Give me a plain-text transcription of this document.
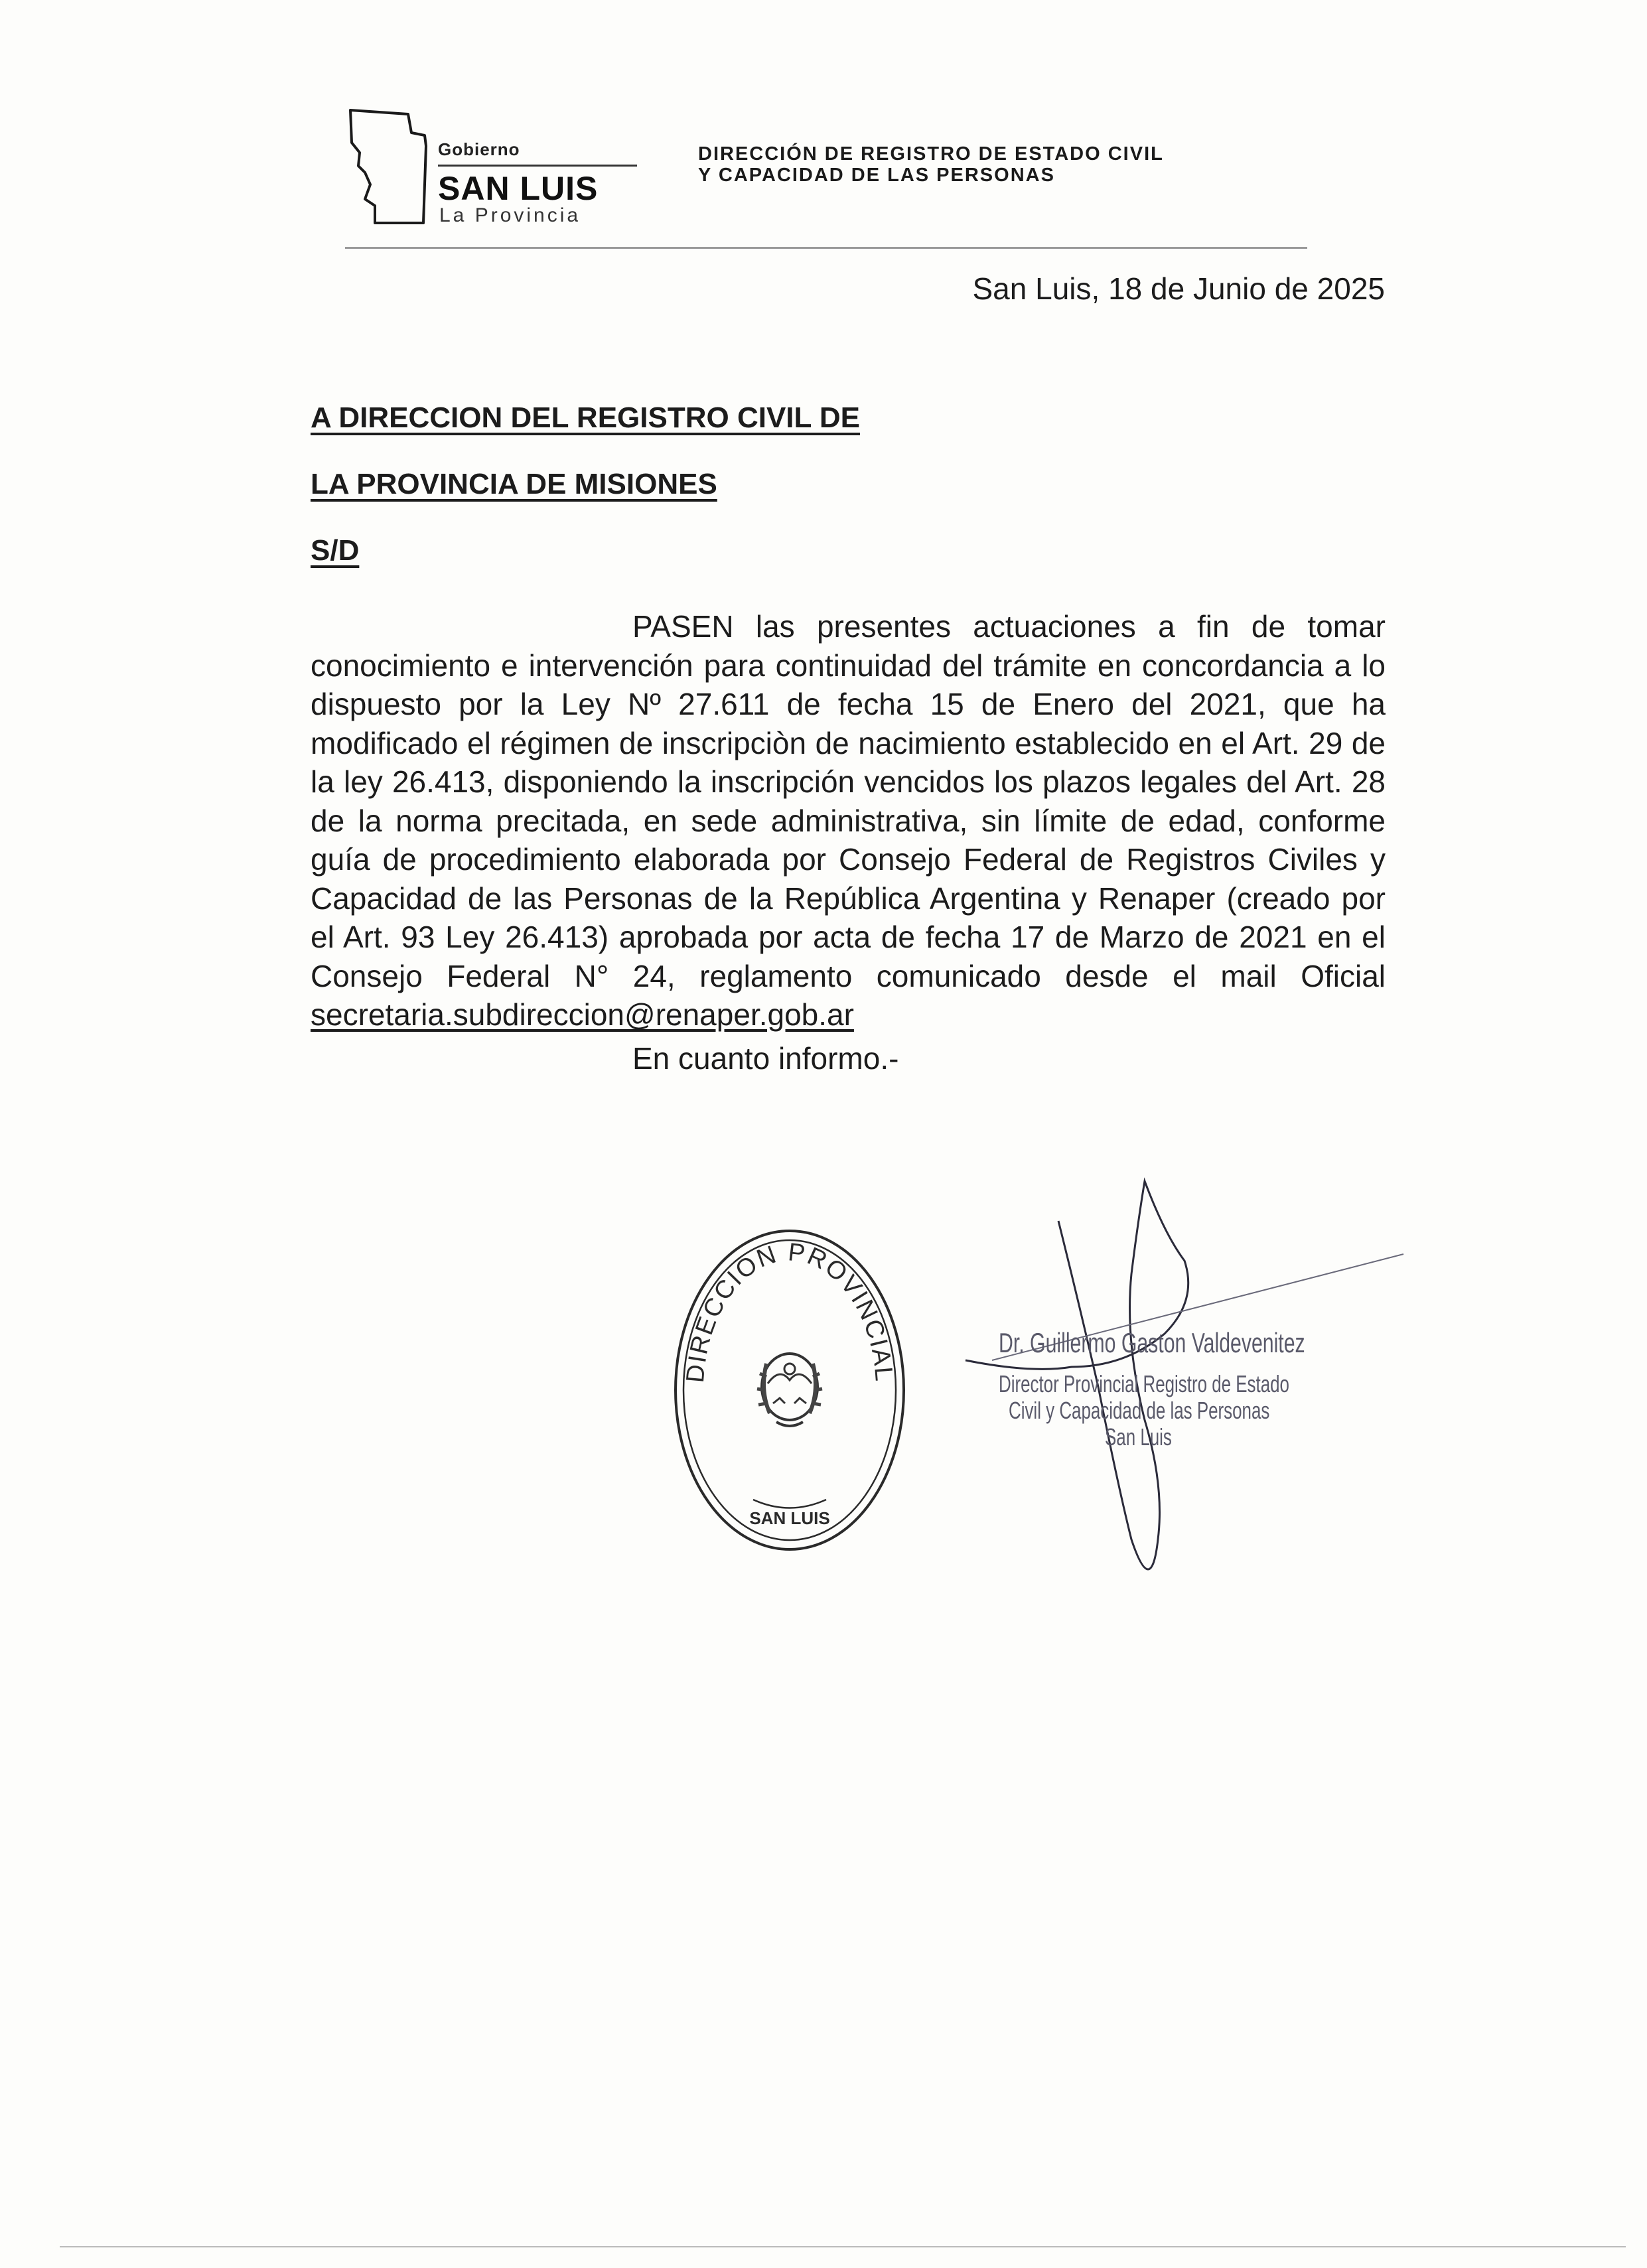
Gobierno
SAN LUIS
La Provincia
DIRECCIÓN DE REGISTRO DE ESTADO CIVIL
Y CAPACIDAD DE LAS PERSONAS
San Luis, 18 de Junio de 2025
A DIRECCION DEL REGISTRO CIVIL DE
LA PROVINCIA DE MISIONES
S/D

PASEN las presentes actuaciones a fin de tomar conocimiento e intervención para continuidad del trámite en concordancia a lo dispuesto por la Ley Nº 27.611 de fecha 15 de Enero del 2021, que ha modificado el régimen de inscripciòn de nacimiento establecido en el Art. 29 de la ley 26.413, disponiendo la inscripción vencidos los plazos legales del Art. 28 de la norma precitada, en sede administrativa, sin límite de edad, conforme guía de procedimiento elaborada por Consejo Federal de Registros Civiles y Capacidad de las Personas de la República Argentina y Renaper (creado por el Art. 93 Ley 26.413) aprobada por acta de fecha 17 de Marzo de 2021 en el Consejo Federal N° 24, reglamento comunicado desde el mail Oficial secretaria.subdireccion@renaper.gob.ar

En cuanto informo.-
DIRECCION PROVINCIAL
SAN LUIS
Dr. Guillermo Gaston Valdevenitez
Director Provincial Registro de Estado
Civil y Capacidad de las Personas
San Luis
